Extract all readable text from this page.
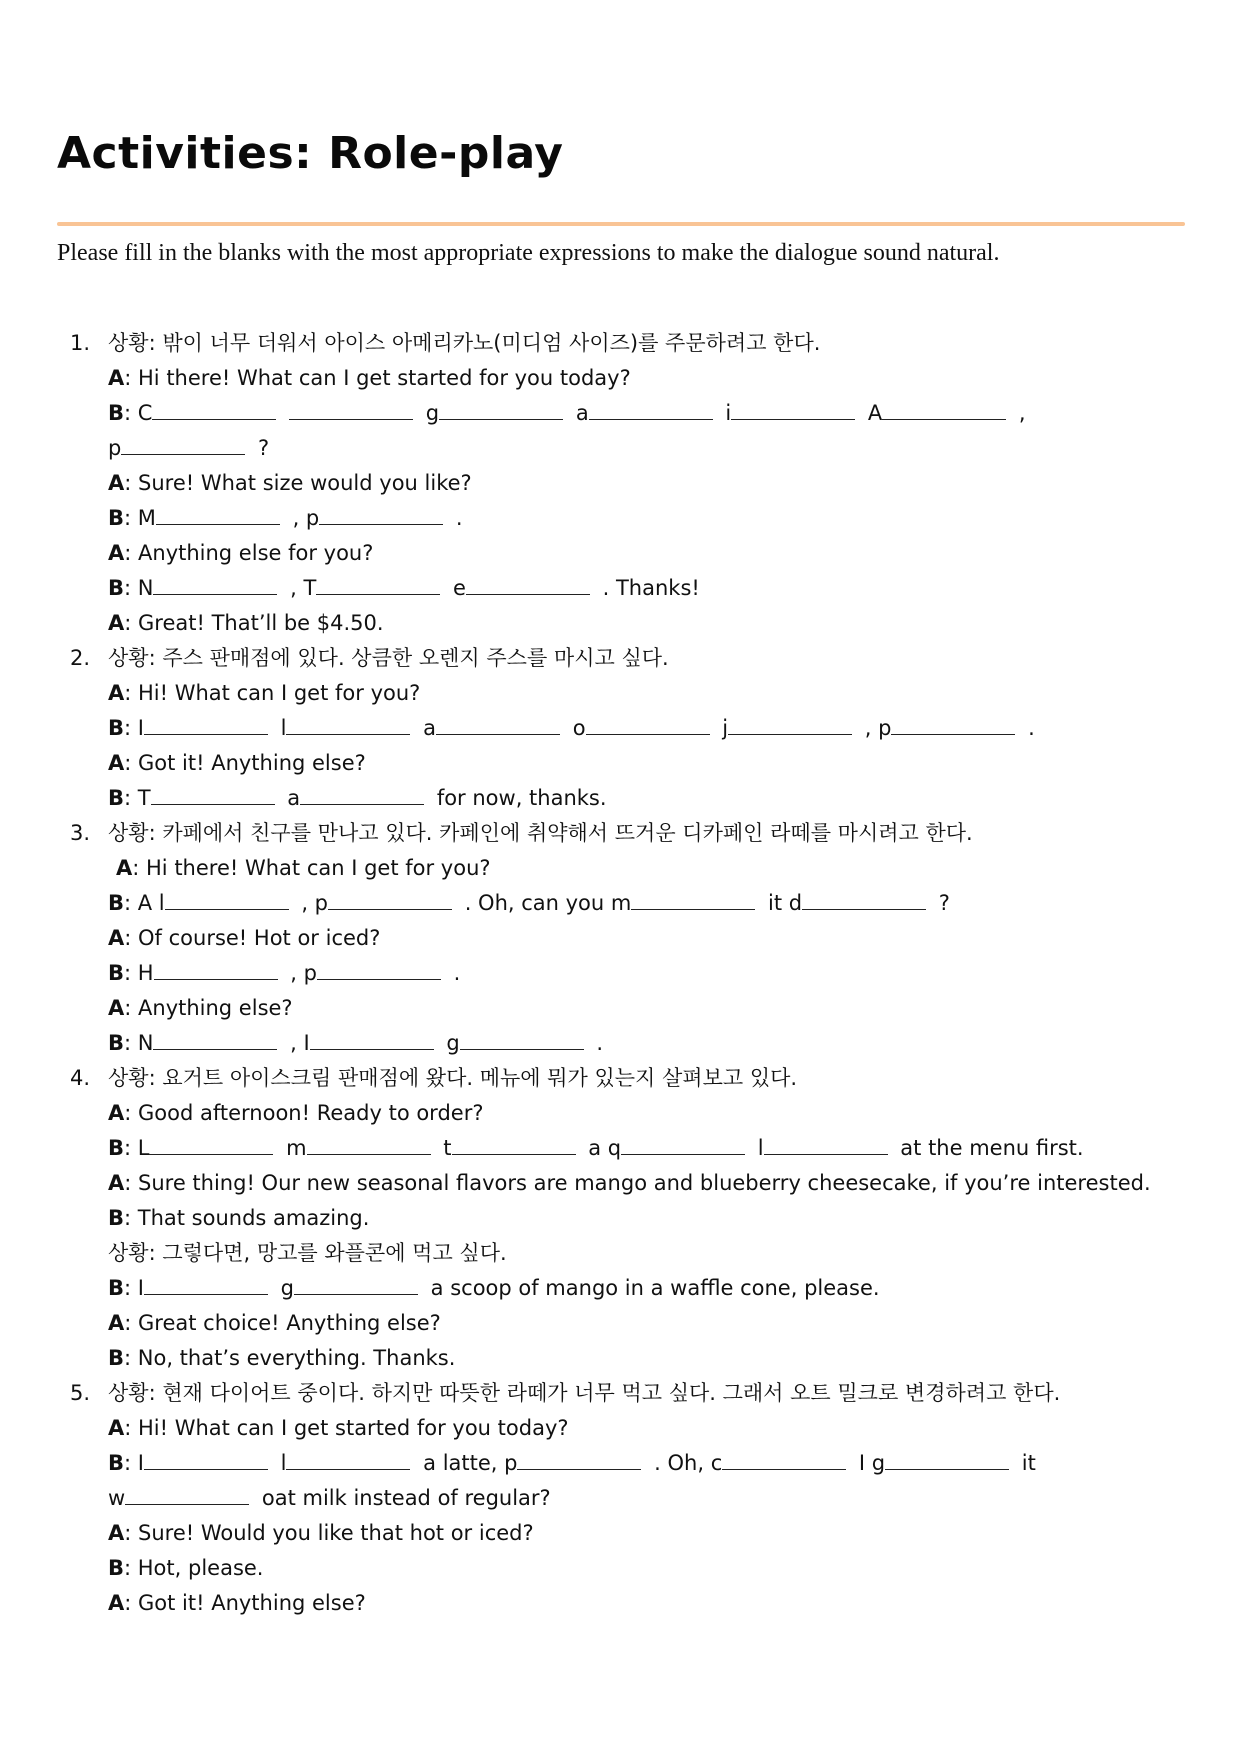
Activities: Role-play
Please fill in the blanks with the most appropriate expressions to make the dialogue sound natural.
1. 상황: 밖이 너무 더워서 아이스 아메리카노(미디엄 사이즈)를 주문하려고 한다.
A: Hi there! What can I get started for you today?
B: C	g	a	i	A	,
p	?
A: Sure! What size would you like?
B: M	, p	.
A: Anything else for you?
B: N	, T	e	. Thanks!
A: Great! That’ll be $4.50.
2. 상황: 주스 판매점에 있다. 상큼한 오렌지 주스를 마시고 싶다.
A: Hi! What can I get for you?
B: I	l	a	o	j	, p	.
A: Got it! Anything else?
B: T	a	for now, thanks.
3. 상황: 카페에서 친구를 만나고 있다. 카페인에 취약해서 뜨거운 디카페인 라떼를 마시려고 한다.
A: Hi there! What can I get for you?
B: A l	, p	. Oh, can you m	it d	?
A: Of course! Hot or iced?
B: H	, p	.
A: Anything else?
B: N	, I	g	.
4. 상황: 요거트 아이스크림 판매점에 왔다. 메뉴에 뭐가 있는지 살펴보고 있다.
A: Good afternoon! Ready to order?
B: L	m	t	a q	l	at the menu first.
A: Sure thing! Our new seasonal flavors are mango and blueberry cheesecake, if you’re interested.
B: That sounds amazing.
상황: 그렇다면, 망고를 와플콘에 먹고 싶다.
B: I	g	a scoop of mango in a waffle cone, please.
A: Great choice! Anything else?
B: No, that’s everything. Thanks.
5. 상황: 현재 다이어트 중이다. 하지만 따뜻한 라떼가 너무 먹고 싶다. 그래서 오트 밀크로 변경하려고 한다.
A: Hi! What can I get started for you today?
B: I	l	a latte, p	. Oh, c	I g	it
w	oat milk instead of regular?
A: Sure! Would you like that hot or iced?
B: Hot, please.
A: Got it! Anything else?
